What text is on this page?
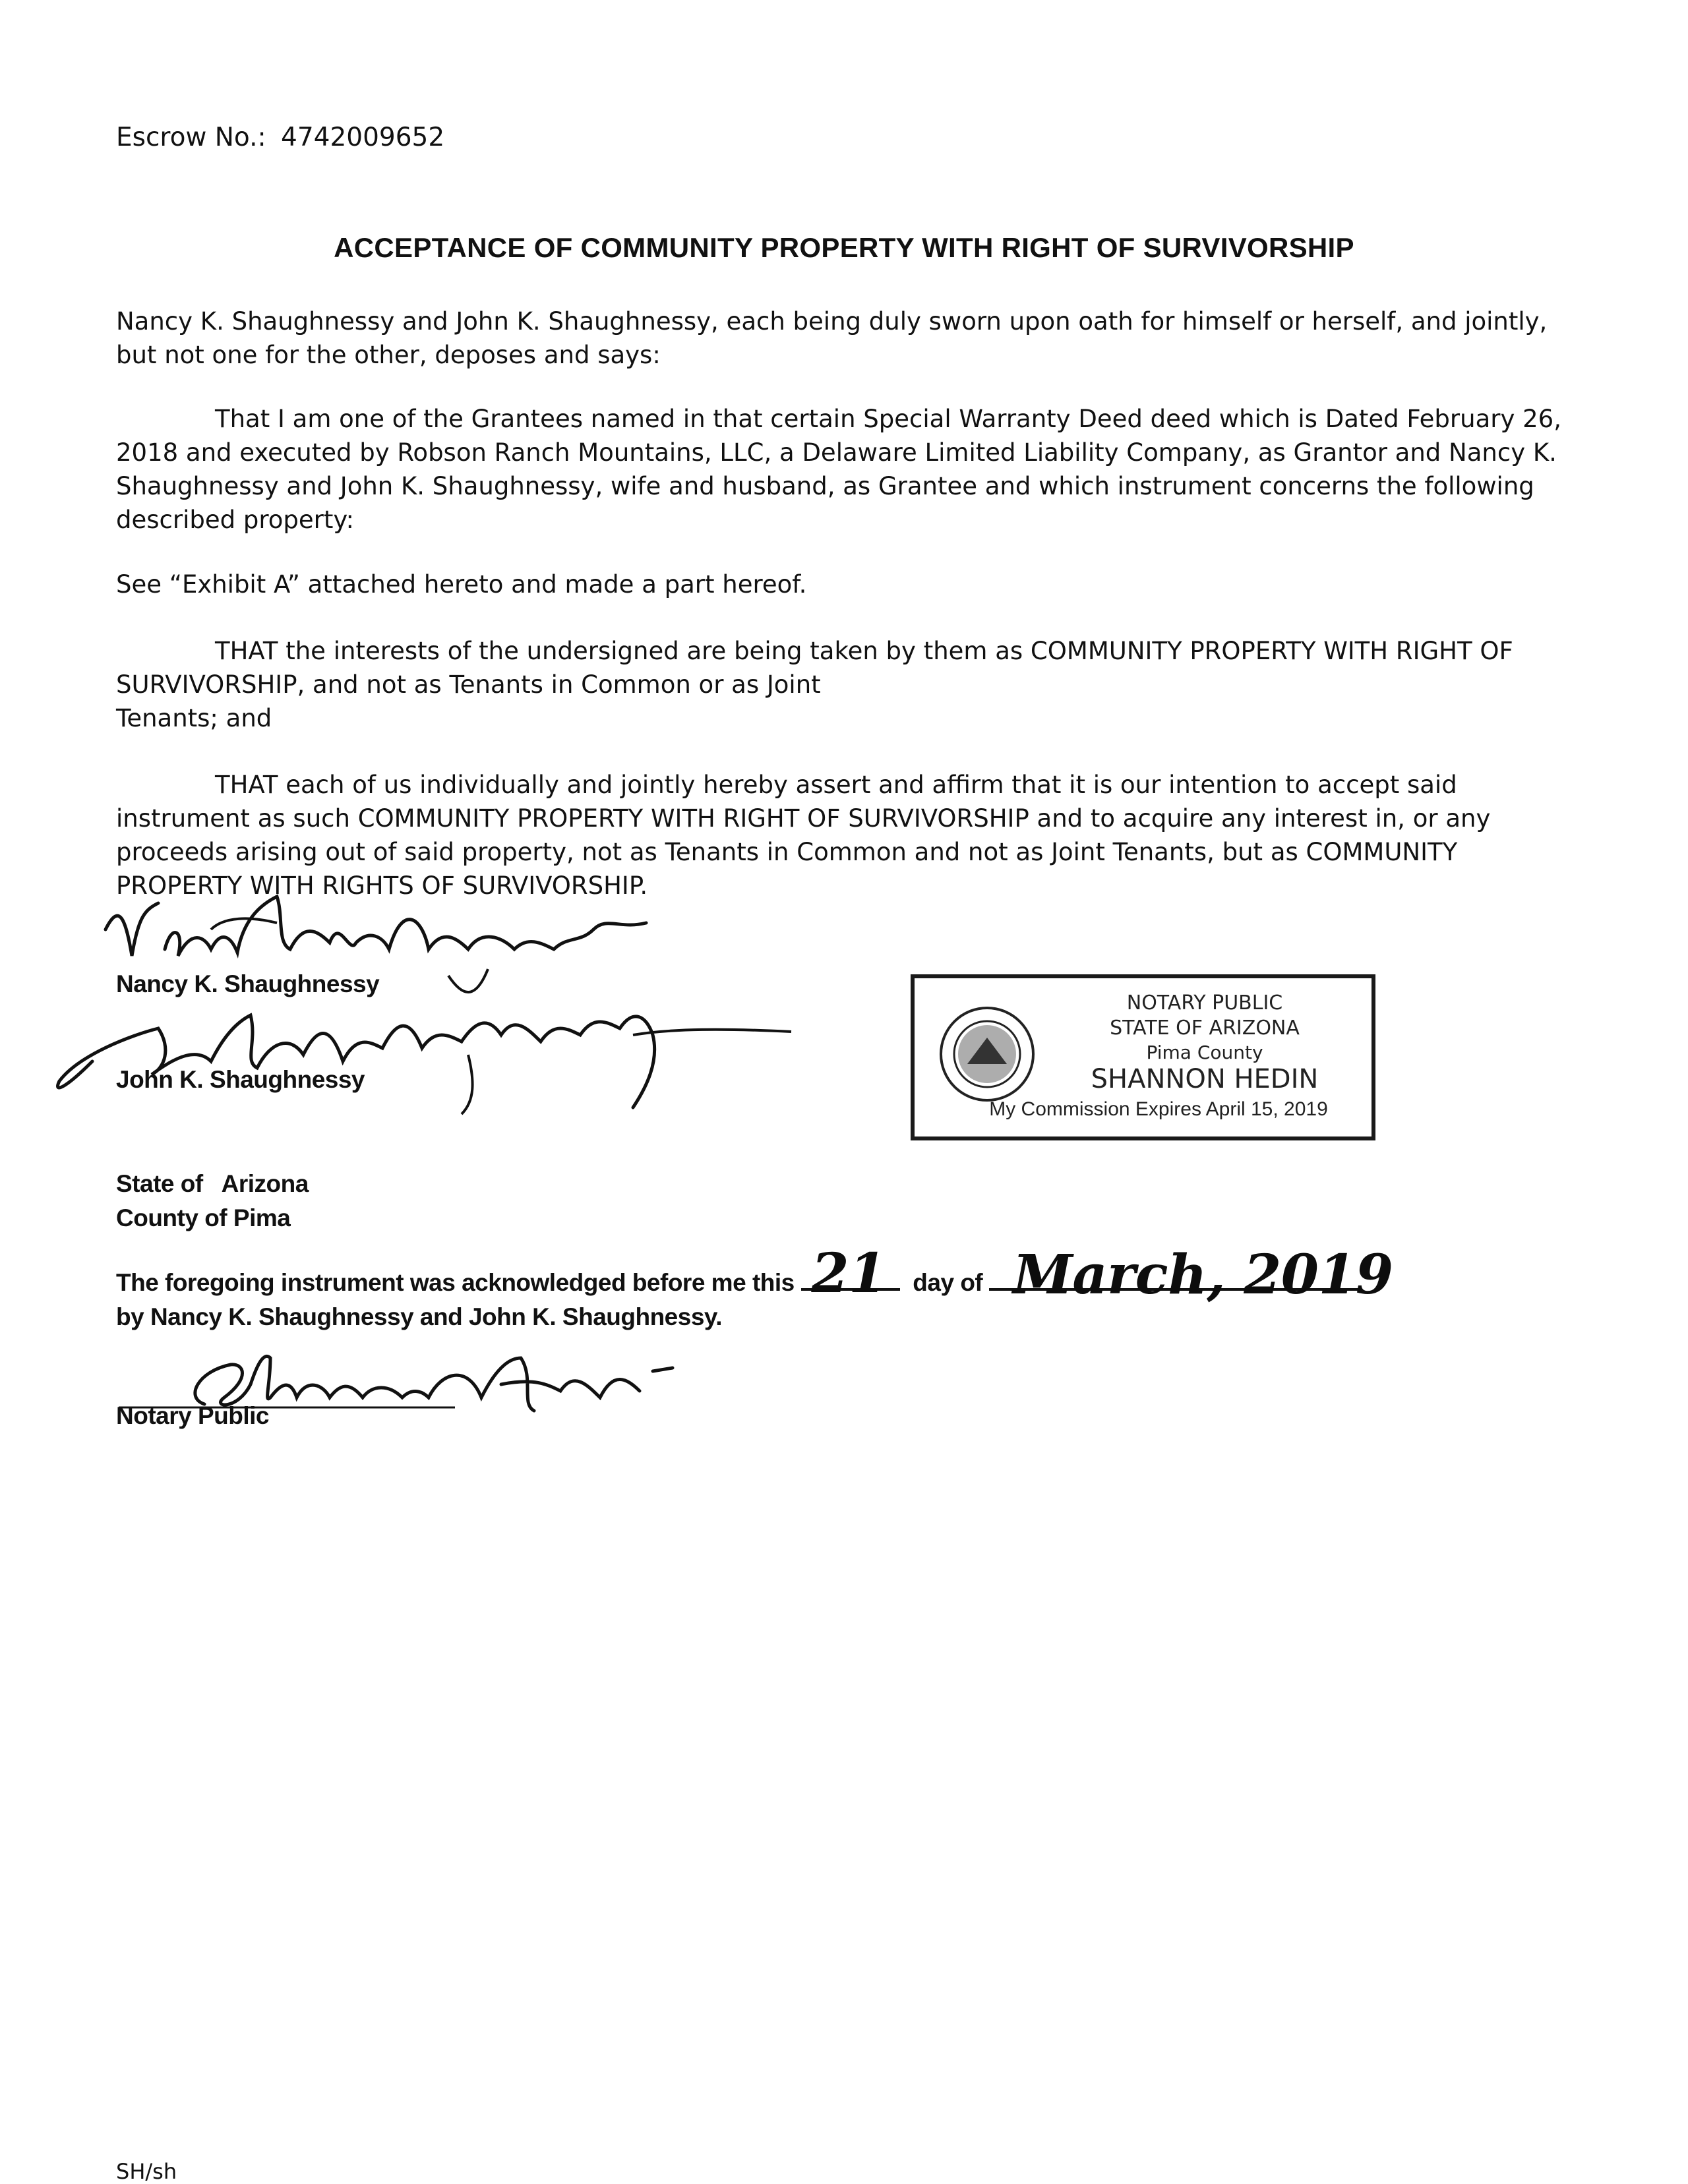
Escrow No.: 4742009652
ACCEPTANCE OF COMMUNITY PROPERTY WITH RIGHT OF SURVIVORSHIP
Nancy K. Shaughnessy and John K. Shaughnessy, each being duly sworn upon oath for himself or herself, and jointly,
but not one for the other, deposes and says:
That I am one of the Grantees named in that certain Special Warranty Deed deed which is Dated February 26,
2018 and executed by Robson Ranch Mountains, LLC, a Delaware Limited Liability Company, as Grantor and Nancy K.
Shaughnessy and John K. Shaughnessy, wife and husband, as Grantee and which instrument concerns the following
described property:
See “Exhibit A” attached hereto and made a part hereof.
THAT the interests of the undersigned are being taken by them as COMMUNITY PROPERTY WITH RIGHT OF
SURVIVORSHIP, and not as Tenants in Common or as Joint
Tenants; and
THAT each of us individually and jointly hereby assert and affirm that it is our intention to accept said
instrument as such COMMUNITY PROPERTY WITH RIGHT OF SURVIVORSHIP and to acquire any interest in, or any
proceeds arising out of said property, not as Tenants in Common and not as Joint Tenants, but as COMMUNITY
PROPERTY WITH RIGHTS OF SURVIVORSHIP.
Nancy K. Shaughnessy
John K. Shaughnessy
NOTARY PUBLIC
STATE OF ARIZONA
Pima County
SHANNON HEDIN
My Commission Expires April 15, 2019
State of   Arizona
County of Pima
The foregoing instrument was acknowledged before me this 21 day of March, 2019
by Nancy K. Shaughnessy and John K. Shaughnessy.
Notary Public
SH/sh
